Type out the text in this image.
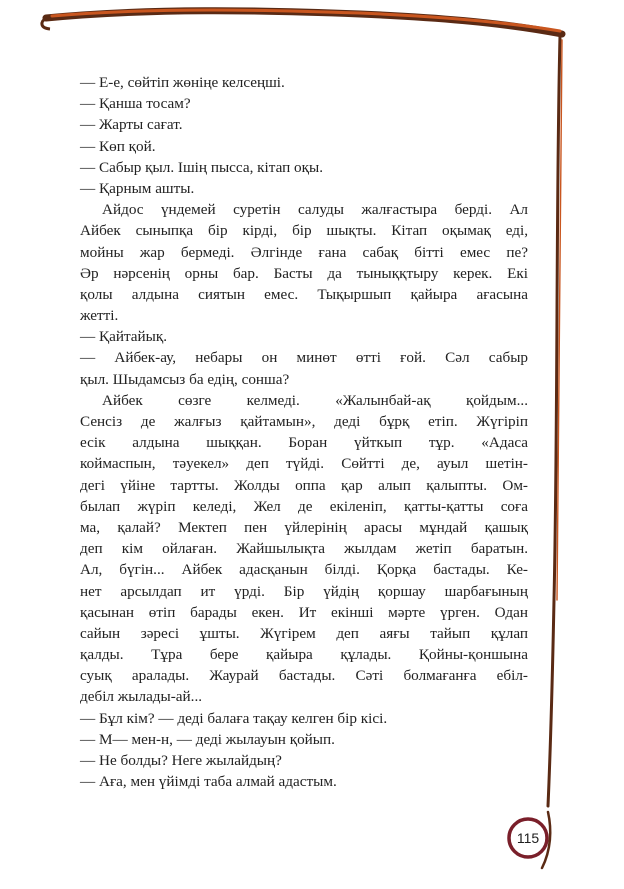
— Е-е, сөйтіп жөніңе келсеңші.
— Қанша тосам?
— Жарты сағат.
— Көп қой.
— Сабыр қыл. Ішің пысса, кітап оқы.
— Қарным ашты.
Айдос үндемей суретін салуды жалғастыра берді. Ал
Айбек сыныпқа бір кірді, бір шықты. Кітап оқымақ еді,
мойны жар бермеді. Әлгінде ғана сабақ бітті емес пе?
Әр нәрсенің орны бар. Басты да тыныққтыру керек. Екі
қолы алдына сиятын емес. Тықыршып қайыра ағасына
жетті.
— Қайтайық.
— Айбек-ау, небары он минөт өтті ғой. Сәл сабыр
қыл. Шыдамсыз ба едің, сонша?
Айбек сөзге келмеді. «Жалынбай-ақ қойдым...
Сенсіз де жалғыз қайтамын», деді бұрқ етіп. Жүгіріп
есік алдына шыққан. Боран үйткып тұр. «Адаса
коймаспын, тәуекел» деп түйді. Сөйтті де, ауыл шетін-
дегі үйіне тартты. Жолды оппа қар алып қалыпты. Ом-
былап жүріп келеді, Жел де екіленіп, қатты-қатты соға
ма, қалай? Мектеп пен үйлерінің арасы мұндай қашық
деп кім ойлаған. Жайшылықта жылдам жетіп баратын.
Ал, бүгін... Айбек адасқанын білді. Қорқа бастады. Ке-
нет арсылдап ит үрді. Бір үйдің қоршау шарбағының
қасынан өтіп барады екен. Ит екінші мәрте үрген. Одан
сайын зәресі ұшты. Жүгірем деп аяғы тайып құлап
қалды. Тұра бере қайыра құлады. Қойны-қоншына
суық аралады. Жаурай бастады. Сәті болмағанға ебіл-
дебіл жылады-ай...
— Бұл кім? — деді балаға тақау келген бір кісі.
— М— мен-н, — деді жылауын қойып.
— Не болды? Неге жылайдың?
— Аға, мен үйімді таба алмай адастым.
115
